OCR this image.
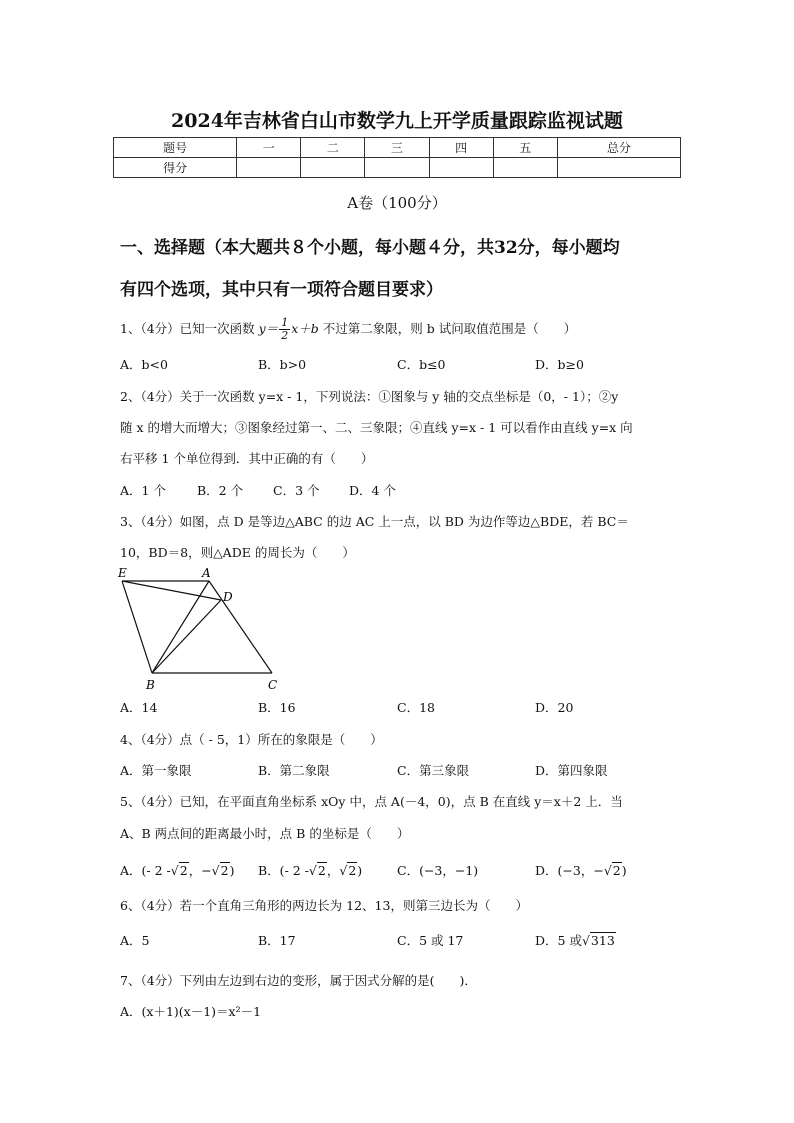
2024年吉林省白山市数学九上开学质量跟踪监视试题
题号	一	二	三	四	五	总分
得分						
A卷（100分）
一、选择题（本大题共８个小题，每小题４分，共32分，每小题均
有四个选项，其中只有一项符合题目要求）
1、（4分）已知一次函数 $y= \frac{1}{2} x+b$ 不过第二象限，则 b 试问取值范围是（　　）
A．b<0	B．b>0	C．b≤0	D．b≥0
2、（4分）关于一次函数 y=x - 1，下列说法：①图象与 y 轴的交点坐标是（0，- 1）；②y
随 x 的增大而增大；③图象经过第一、二、三象限；④直线 y=x - 1 可以看作由直线 y=x 向
右平移 1 个单位得到．其中正确的有（　　）
A．1 个 B．2 个 C．3 个 D．4 个
3、（4分）如图，点 D 是等边△ABC 的边 AC 上一点，以 BD 为边作等边△BDE，若 BC＝
10，BD＝8，则△ADE 的周长为（　　）
E	A
D
B	C
A．14	B．16	C．18	D．20
4、（4分）点（ - 5，1）所在的象限是（　　）
A．第一象限	B．第二象限	C．第三象限	D．第四象限
5、（4分）已知，在平面直角坐标系 xOy 中，点 A(－4，0)，点 B 在直线 y＝x＋2 上．当
A、B 两点间的距离最小时，点 B 的坐标是（　　）
A．(- 2 -√2，−√2) B．(- 2 -√2，√2)	C．(−3，−1)	D．(−3，−√2)
6、（4分）若一个直角三角形的两边长为 12、13，则第三边长为（　　）
A．5	B．17	C．5 或 17	D．5 或√313
7、（4分）下列由左边到右边的变形，属于因式分解的是(　　)．
A．(x＋1)(x－1)＝x²－1
